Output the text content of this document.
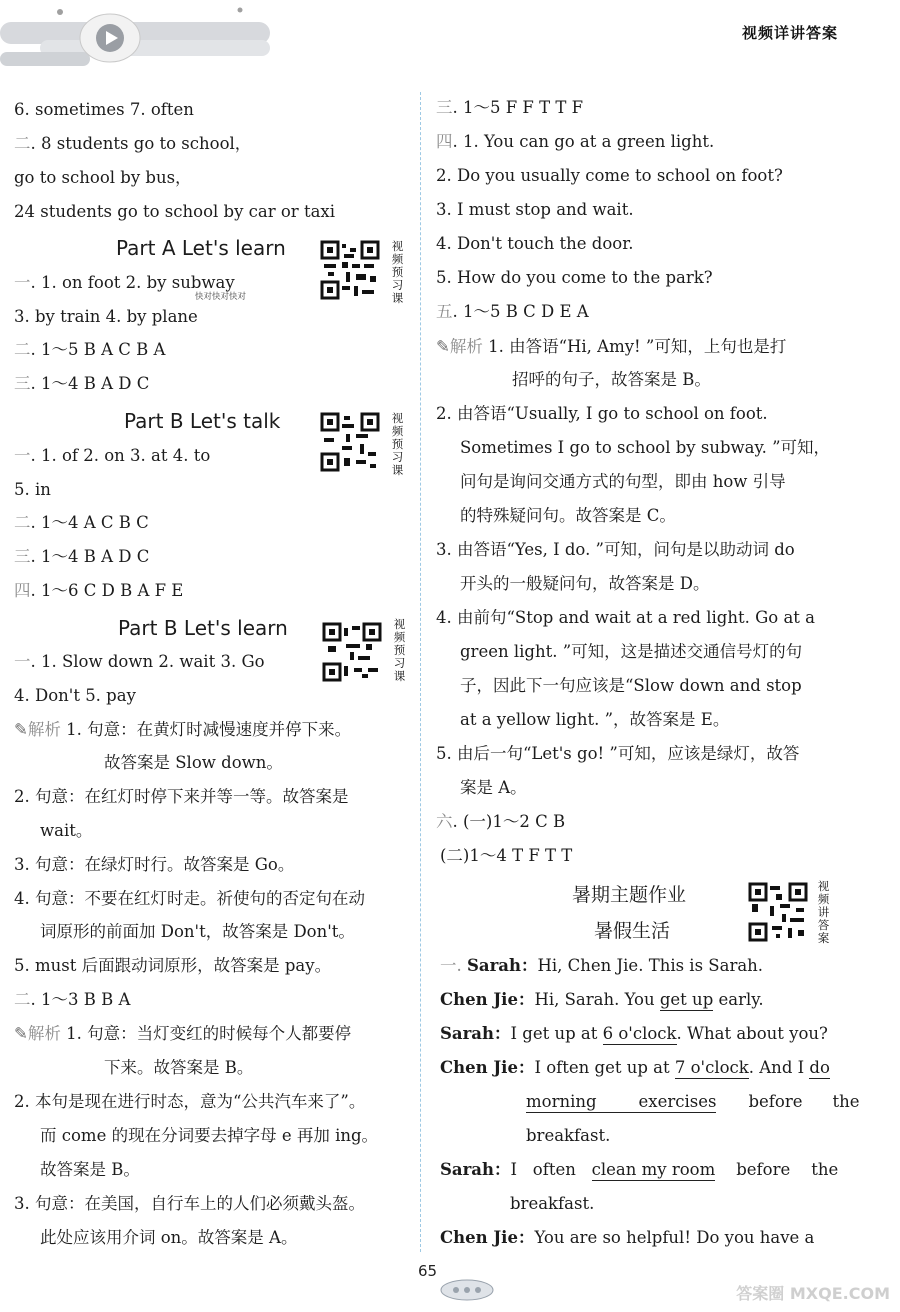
视频详讲答案
6. sometimes 7. often
二. 8 students go to school，
go to school by bus，
24 students go to school by car or taxi
Part A Let's learn	视频预习课
一. 1. on foot 2. by subway
快对快对快对
3. by train 4. by plane
二. 1～5 B A C B A
三. 1～4 B A D C
Part B Let's talk	视频预习课
一. 1. of 2. on 3. at 4. to
5. in
二. 1～4 A C B C
三. 1～4 B A D C
四. 1～6 C D B A F E
Part B Let's learn	视频预习课
一. 1. Slow down 2. wait 3. Go
4. Don't 5. pay
✎解析 1. 句意：在黄灯时减慢速度并停下来。
故答案是 Slow down。
2. 句意：在红灯时停下来并等一等。故答案是
wait。
3. 句意：在绿灯时行。故答案是 Go。
4. 句意：不要在红灯时走。祈使句的否定句在动
词原形的前面加 Don't，故答案是 Don't。
5. must 后面跟动词原形，故答案是 pay。
二. 1～3 B B A
✎解析 1. 句意：当灯变红的时候每个人都要停
下来。故答案是 B。
2. 本句是现在进行时态，意为“公共汽车来了”。
而 come 的现在分词要去掉字母 e 再加 ing。
故答案是 B。
3. 句意：在美国，自行车上的人们必须戴头盔。
此处应该用介词 on。故答案是 A。
三. 1～5 F F T T F
四. 1. You can go at a green light.
2. Do you usually come to school on foot?
3. I must stop and wait.
4. Don't touch the door.
5. How do you come to the park?
五. 1～5 B C D E A
✎解析 1. 由答语“Hi, Amy! ”可知，上句也是打
招呼的句子，故答案是 B。
2. 由答语“Usually, I go to school on foot.
Sometimes I go to school by subway. ”可知，
问句是询问交通方式的句型，即由 how 引导
的特殊疑问句。故答案是 C。
3. 由答语“Yes, I do. ”可知，问句是以助动词 do
开头的一般疑问句，故答案是 D。
4. 由前句“Stop and wait at a red light. Go at a
green light. ”可知，这是描述交通信号灯的句
子，因此下一句应该是“Slow down and stop
at a yellow light. ”，故答案是 E。
5. 由后一句“Let's go! ”可知，应该是绿灯，故答
案是 A。
六. (一)1～2 C B
(二)1～4 T F T T
暑期主题作业
暑假生活
视频讲答案
一. Sarah：Hi, Chen Jie. This is Sarah.
Chen Jie：Hi, Sarah. You get up early.
Sarah：I get up at 6 o'clock. What about you?
Chen Jie：I often get up at 7 o'clock. And I do
morning	exercises before the
breakfast.
Sarah：I often clean my room before the
breakfast.
Chen Jie：You are so helpful! Do you have a
65
答案圈 MXQE.COM
